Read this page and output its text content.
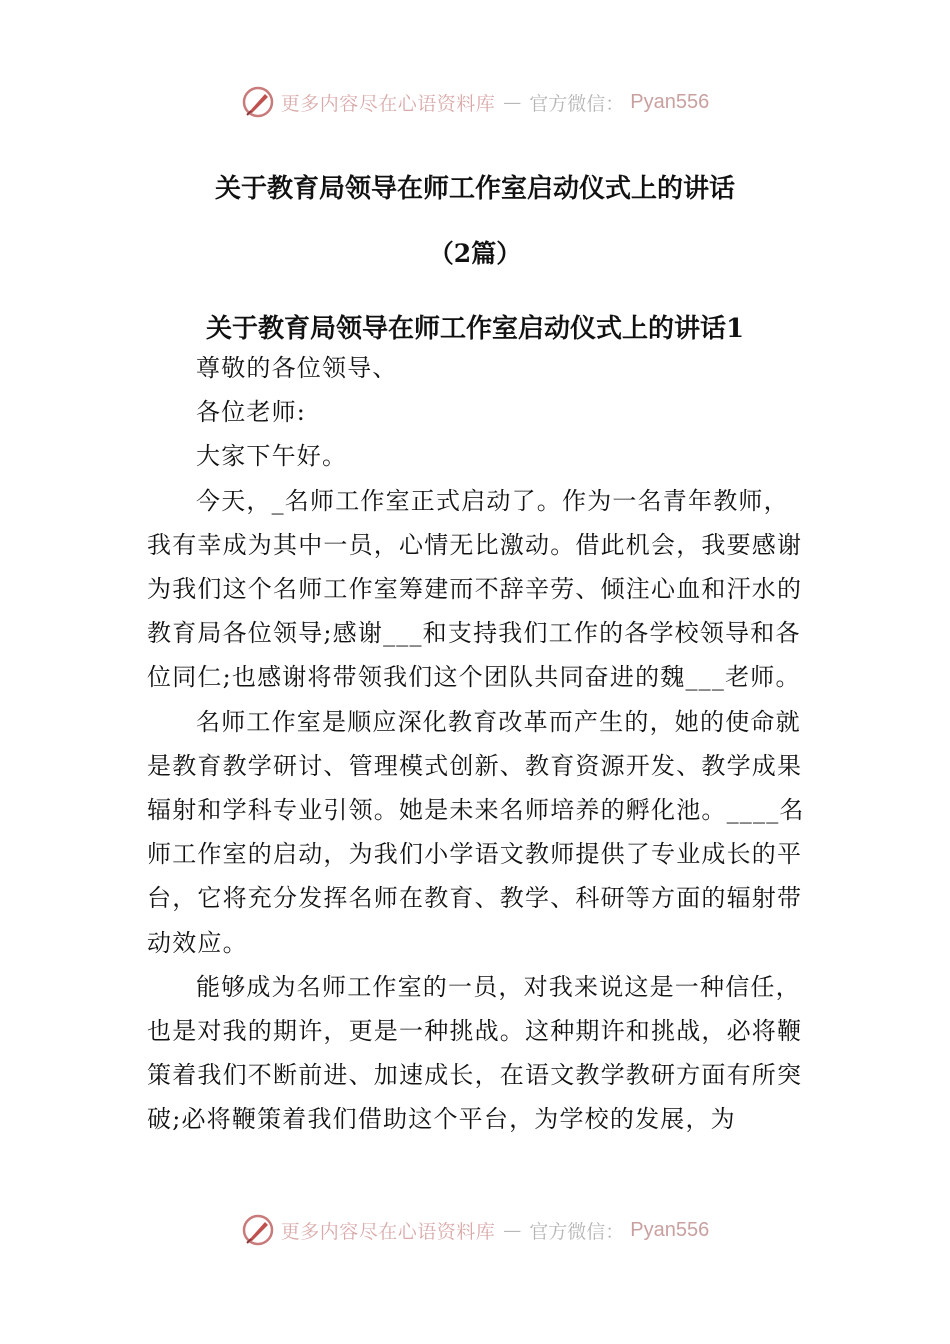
更多内容尽在心语资料库 — 官方微信： Pyan556
关于教育局领导在师工作室启动仪式上的讲话
（2篇）
关于教育局领导在师工作室启动仪式上的讲话1

尊敬的各位领导、

各位老师:

大家下午好。

今天，_名师工作室正式启动了。作为一名青年教师，我有幸成为其中一员，心情无比激动。借此机会，我要感谢为我们这个名师工作室筹建而不辞辛劳、倾注心血和汗水的教育局各位领导;感谢___和支持我们工作的各学校领导和各位同仁;也感谢将带领我们这个团队共同奋进的魏___老师。

名师工作室是顺应深化教育改革而产生的，她的使命就是教育教学研讨、管理模式创新、教育资源开发、教学成果辐射和学科专业引领。她是未来名师培养的孵化池。____名师工作室的启动，为我们小学语文教师提供了专业成长的平台，它将充分发挥名师在教育、教学、科研等方面的辐射带动效应。

能够成为名师工作室的一员，对我来说这是一种信任，也是对我的期许，更是一种挑战。这种期许和挑战，必将鞭策着我们不断前进、加速成长，在语文教学教研方面有所突破;必将鞭策着我们借助这个平台，为学校的发展，为

更多内容尽在心语资料库 — 官方微信： Pyan556
